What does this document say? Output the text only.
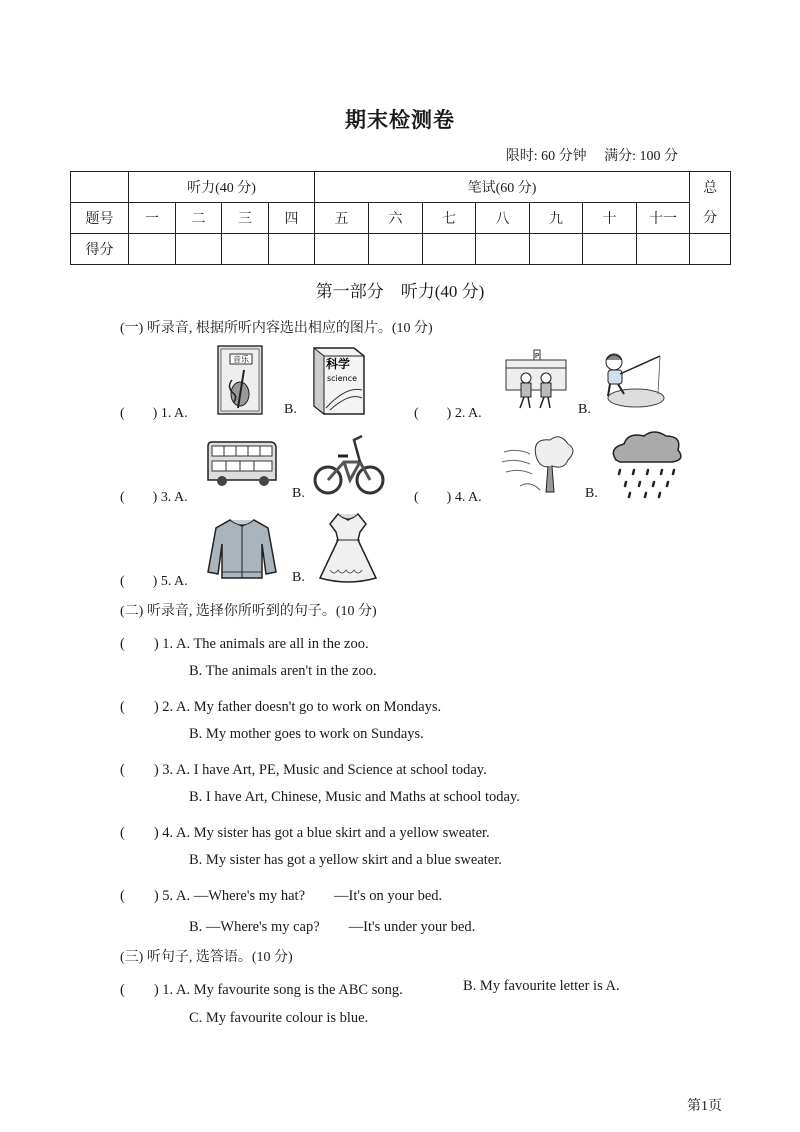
期末检测卷
限时: 60 分钟 满分: 100 分
	听力(40 分)				笔试(60 分)							总
分

题号	一	二	三	四	五	六	七	八	九	十	十一	
得分												
第一部分　听力(40 分)
(一) 听录音, 根据所听内容选出相应的图片。(10 分)
(　　) 1. A.
音乐
B.
科学
science
(　　) 2. A.
P
B.
(　　) 3. A.	B.	(　　) 4. A.	B.
(　　) 5. A.	B.
(二) 听录音, 选择你所听到的句子。(10 分)
(　　) 1. A. The animals are all in the zoo.
B. The animals aren't in the zoo.
(　　) 2. A. My father doesn't go to work on Mondays.
B. My mother goes to work on Sundays.
(　　) 3. A. I have Art, PE, Music and Science at school today.
B. I have Art, Chinese, Music and Maths at school today.
(　　) 4. A. My sister has got a blue skirt and a yellow sweater.
B. My sister has got a yellow skirt and a blue sweater.
(　　) 5. A. —Where's my hat?　　—It's on your bed.
B. —Where's my cap?　　—It's under your bed.
(三) 听句子, 选答语。(10 分)
(　　) 1. A. My favourite song is the ABC song.	B. My favourite letter is A.
C. My favourite colour is blue.
第1页
